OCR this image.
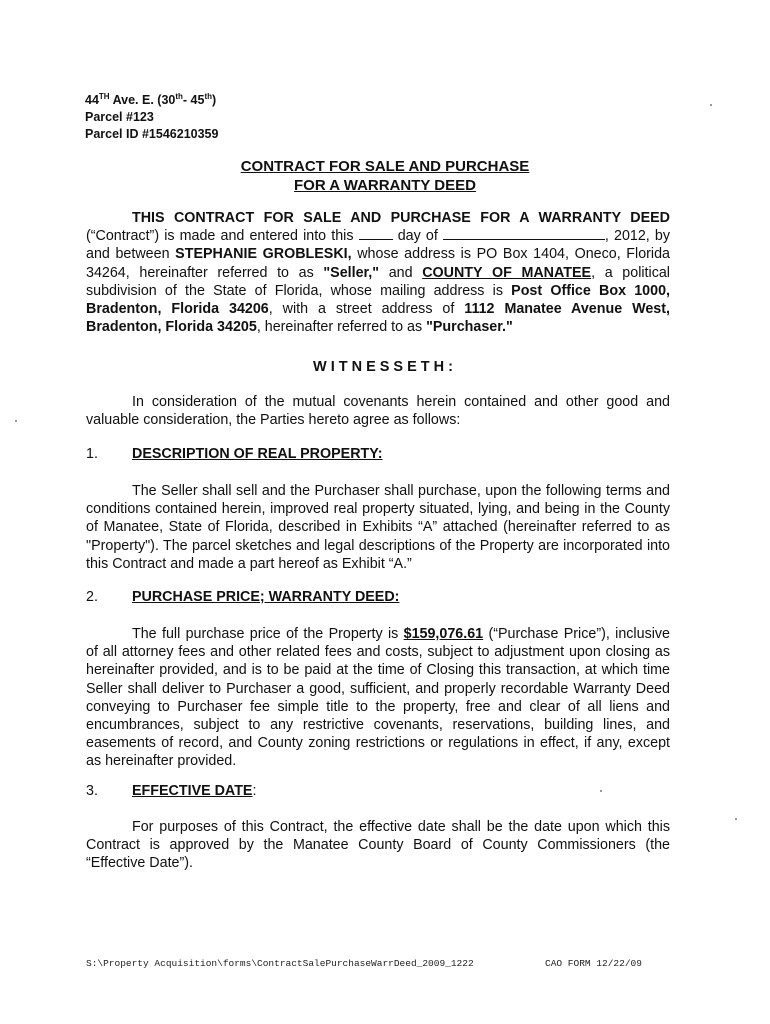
44TH Ave. E. (30th- 45th)
Parcel #123
Parcel ID #1546210359
CONTRACT FOR SALE AND PURCHASE
FOR A WARRANTY DEED
THIS CONTRACT FOR SALE AND PURCHASE FOR A WARRANTY DEED (“Contract”) is made and entered into this  day of	, 2012, by and between STEPHANIE GROBLESKI, whose address is PO Box 1404, Oneco, Florida 34264, hereinafter referred to as "Seller," and COUNTY OF MANATEE, a political subdivision of the State of Florida, whose mailing address is Post Office Box 1000, Bradenton, Florida 34206, with a street address of 1112 Manatee Avenue West, Bradenton, Florida 34205, hereinafter referred to as "Purchaser."
WITNESSETH:
In consideration of the mutual covenants herein contained and other good and valuable consideration, the Parties hereto agree as follows:
1. DESCRIPTION OF REAL PROPERTY:
The Seller shall sell and the Purchaser shall purchase, upon the following terms and conditions contained herein, improved real property situated, lying, and being in the County of Manatee, State of Florida, described in Exhibits “A” attached (hereinafter referred to as "Property"). The parcel sketches and legal descriptions of the Property are incorporated into this Contract and made a part hereof as Exhibit “A.”
2. PURCHASE PRICE; WARRANTY DEED:
The full purchase price of the Property is $159,076.61 (“Purchase Price”), inclusive of all attorney fees and other related fees and costs, subject to adjustment upon closing as hereinafter provided, and is to be paid at the time of Closing this transaction, at which time Seller shall deliver to Purchaser a good, sufficient, and properly recordable Warranty Deed conveying to Purchaser fee simple title to the property, free and clear of all liens and encumbrances, subject to any restrictive covenants, reservations, building lines, and easements of record, and County zoning restrictions or regulations in effect, if any, except as hereinafter provided.
3. EFFECTIVE DATE:
For purposes of this Contract, the effective date shall be the date upon which this Contract is approved by the Manatee County Board of County Commissioners (the “Effective Date”).
S:\Property Acquisition\forms\ContractSalePurchaseWarrDeed_2009_1222	CAO FORM 12/22/09
